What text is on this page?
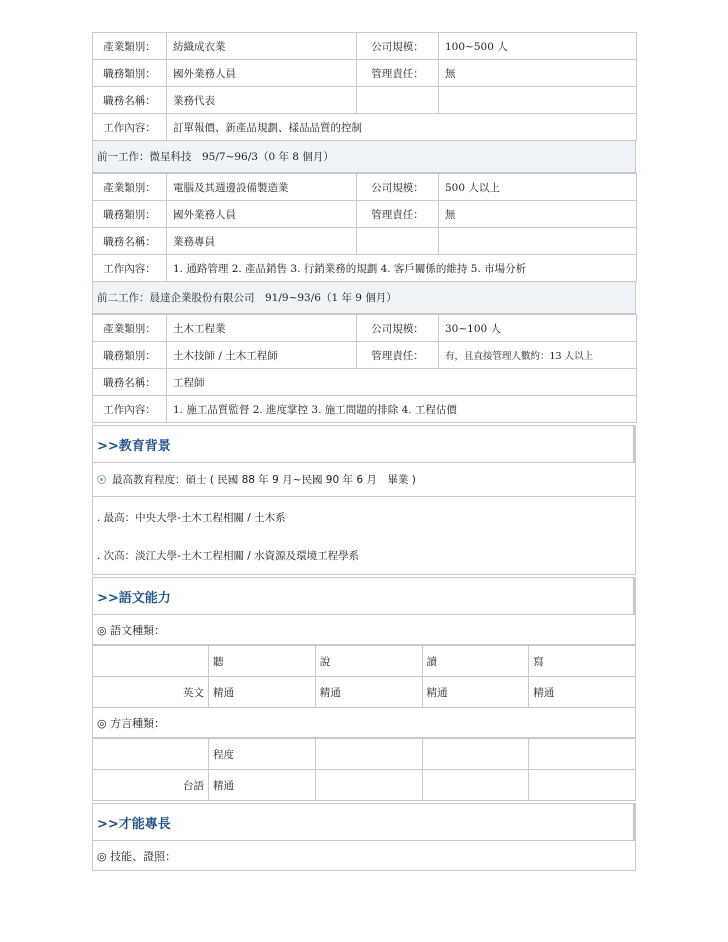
產業類別：	紡織成衣業	公司規模：	100~500 人
職務類別：	國外業務人員	管理責任：	無
職務名稱：	業務代表		
工作內容：	訂單報價、新產品規劃、樣品品質的控制		
前一工作：微星科技　95/7~96/3（0 年 8 個月）
產業類別：	電腦及其週邊設備製造業	公司規模：	500 人以上
職務類別：	國外業務人員	管理責任：	無
職務名稱：	業務專員		
工作內容：	1. 通路管理 2. 產品銷售 3. 行銷業務的規劃 4. 客戶關係的維持 5. 市場分析		
前二工作：晨達企業股份有限公司　91/9~93/6（1 年 9 個月）
產業類別：	土木工程業	公司規模：	30~100 人
職務類別：	土木技師 / 土木工程師	管理責任：	有，且直接管理人數約：13 人以上
職務名稱：	工程師		
工作內容：	1. 施工品質監督 2. 進度掌控 3. 施工問題的排除 4. 工程估價		
>>教育背景
最高教育程度：碩士 ( 民國 88 年 9 月~民國 90 年 6 月　畢業 )
. 最高：中央大學-土木工程相關 / 土木系
. 次高：淡江大學-土木工程相關 / 水資源及環境工程學系
>>語文能力
◎ 語文種類：
	聽	說	讀	寫
英文	精通	精通	精通	精通
◎ 方言種類：
	程度			
台語	精通			
>>才能專長
◎ 技能、證照：
